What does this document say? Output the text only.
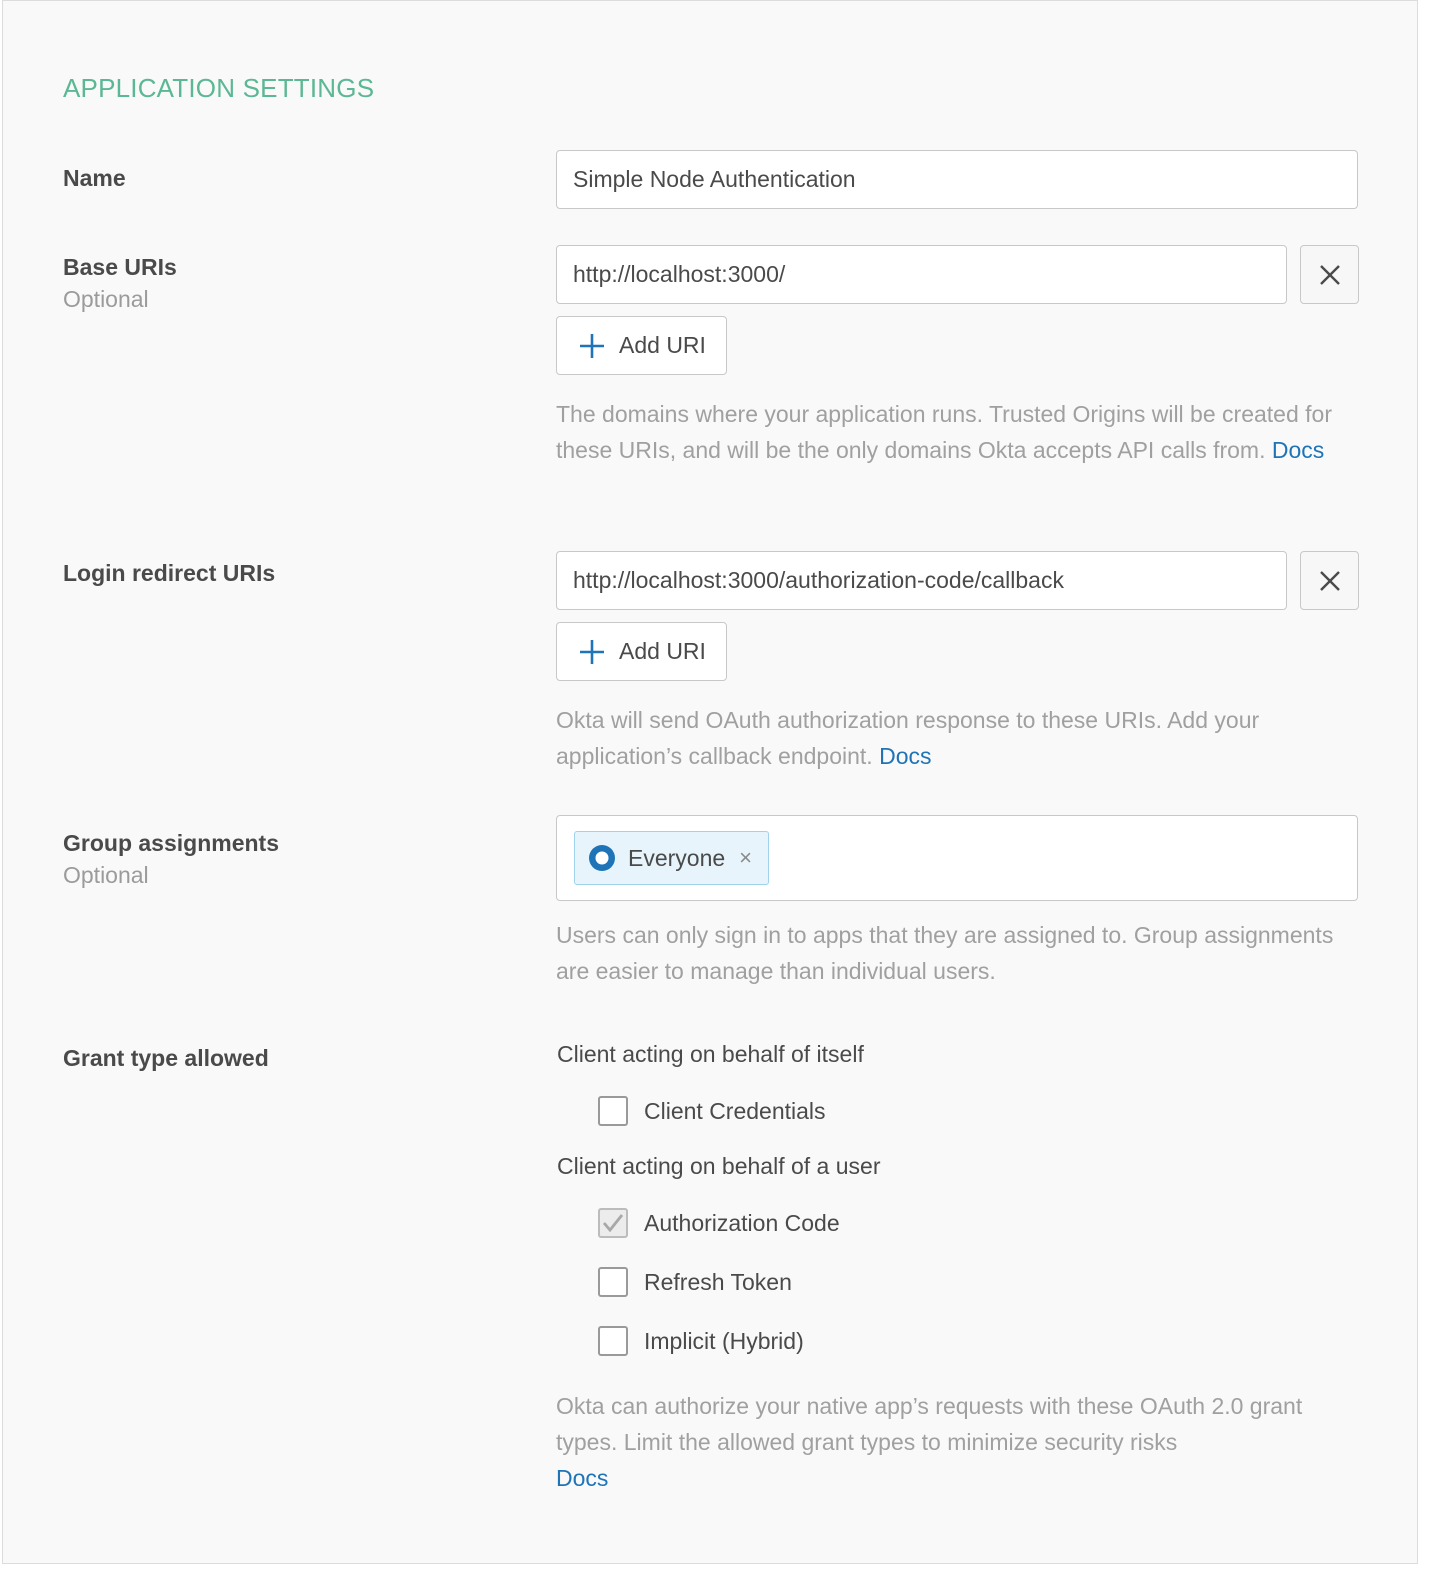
APPLICATION SETTINGS
Name
Simple Node Authentication
Base URIs
Optional
http://localhost:3000/
Add URI
The domains where your application runs. Trusted Origins will be created for these URIs, and will be the only domains Okta accepts API calls from. Docs
Login redirect URIs
http://localhost:3000/authorization-code/callback
Add URI
Okta will send OAuth authorization response to these URIs. Add your application’s callback endpoint. Docs
Group assignments
Optional
Everyone ×
Users can only sign in to apps that they are assigned to. Group assignments are easier to manage than individual users.
Grant type allowed	Client acting on behalf of itself
Client Credentials
Client acting on behalf of a user
Authorization Code
Refresh Token
Implicit (Hybrid)
Okta can authorize your native app’s requests with these OAuth 2.0 grant types. Limit the allowed grant types to minimize security risks
Docs
